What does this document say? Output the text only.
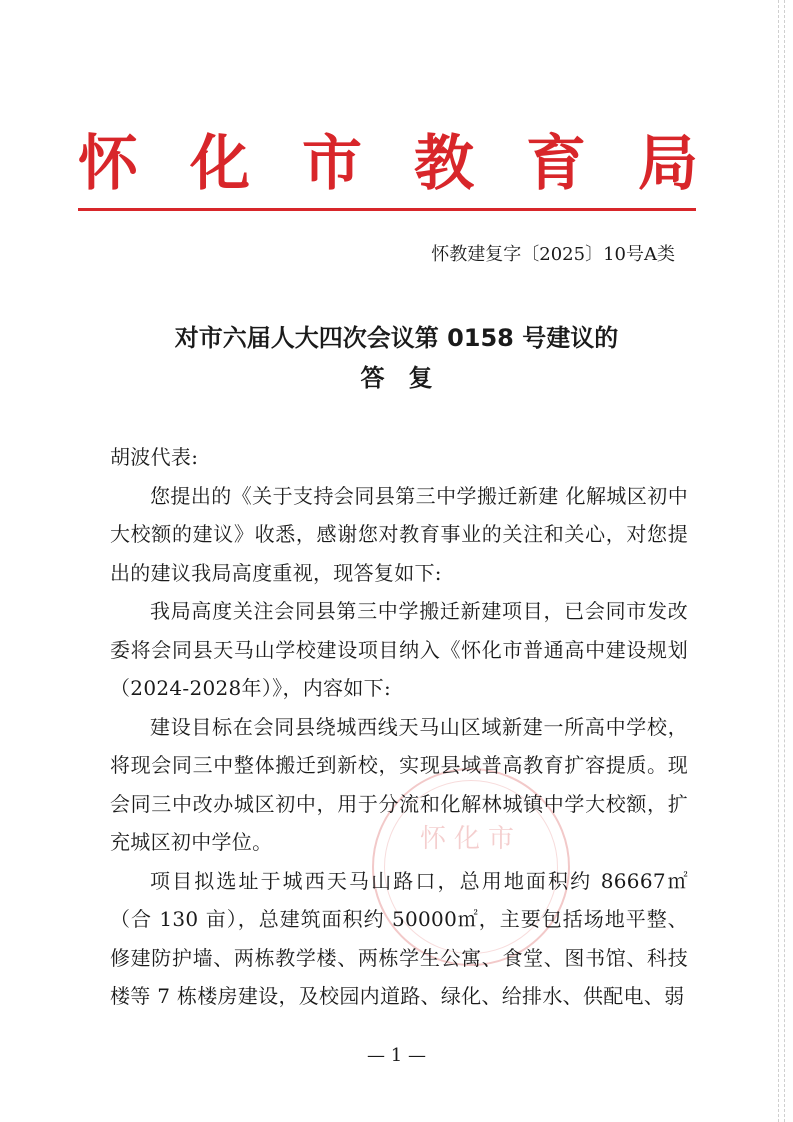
怀 化 市 教 育 局
怀教建复字〔2025〕10号A类
对市六届人大四次会议第 0158 号建议的
答复
怀化市

胡波代表:

您提出的《关于支持会同县第三中学搬迁新建 化解城区初中大校额的建议》收悉，感谢您对教育事业的关注和关心，对您提出的建议我局高度重视，现答复如下:

我局高度关注会同县第三中学搬迁新建项目，已会同市发改委将会同县天马山学校建设项目纳入《怀化市普通高中建设规划（2024-2028年）》，内容如下:

建设目标在会同县绕城西线天马山区域新建一所高中学校，将现会同三中整体搬迁到新校，实现县域普高教育扩容提质。现会同三中改办城区初中，用于分流和化解林城镇中学大校额，扩充城区初中学位。

项目拟选址于城西天马山路口，总用地面积约 86667㎡（合 130 亩），总建筑面积约 50000㎡，主要包括场地平整、修建防护墙、两栋教学楼、两栋学生公寓、食堂、图书馆、科技楼等 7 栋楼房建设，及校园内道路、绿化、给排水、供配电、弱

— 1 —
